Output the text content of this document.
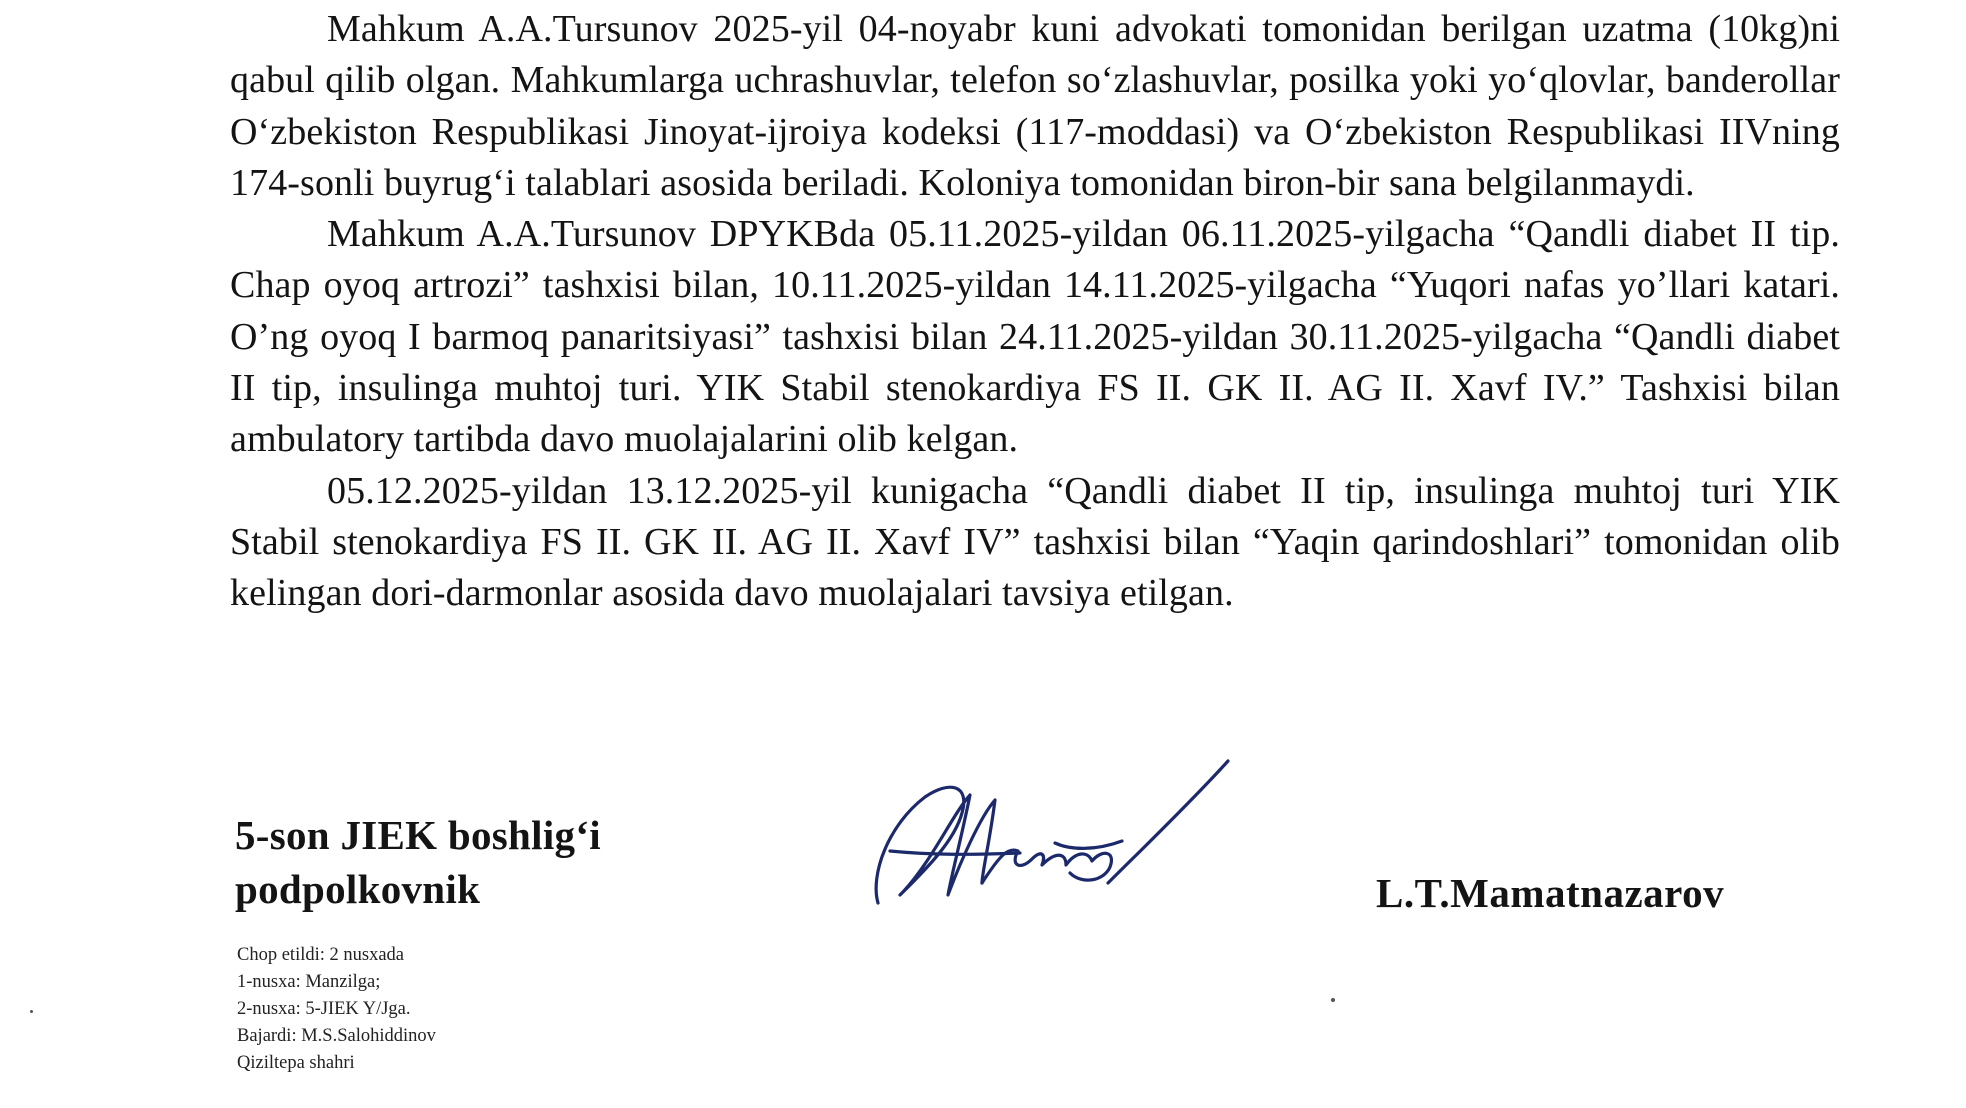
Mahkum A.A.Tursunov 2025-yil 04-noyabr kuni advokati tomonidan berilgan uzatma (10kg)ni qabul qilib olgan. Mahkumlarga uchrashuvlar, telefon so‘zlashuvlar, posilka yoki yo‘qlovlar, banderollar O‘zbekiston Respublikasi Jinoyat-ijroiya kodeksi (117-moddasi) va O‘zbekiston Respublikasi IIVning 174-sonli buyrug‘i talablari asosida beriladi. Koloniya tomonidan biron-bir sana belgilanmaydi.

Mahkum A.A.Tursunov DPYKBda 05.11.2025-yildan 06.11.2025-yilgacha “Qandli diabet II tip. Chap oyoq artrozi” tashxisi bilan, 10.11.2025-yildan 14.11.2025-yilgacha “Yuqori nafas yo’llari katari. O’ng oyoq I barmoq panaritsiyasi” tashxisi bilan 24.11.2025-yildan 30.11.2025-yilgacha “Qandli diabet II tip, insulinga muhtoj turi. YIK Stabil stenokardiya FS II. GK II. AG II. Xavf IV.” Tashxisi bilan ambulatory tartibda davo muolajalarini olib kelgan.

05.12.2025-yildan 13.12.2025-yil kunigacha “Qandli diabet II tip, insulinga muhtoj turi YIK Stabil stenokardiya FS II. GK II. AG II. Xavf IV” tashxisi bilan “Yaqin qarindoshlari” tomonidan olib kelingan dori-darmonlar asosida davo muolajalari tavsiya etilgan.

5-son JIEK boshlig‘i
podpolkovnik	L.T.Mamatnazarov
Chop etildi: 2 nusxada
1-nusxa: Manzilga;
2-nusxa: 5-JIEK Y/Jga.
Bajardi: M.S.Salohiddinov
Qiziltepa shahri
